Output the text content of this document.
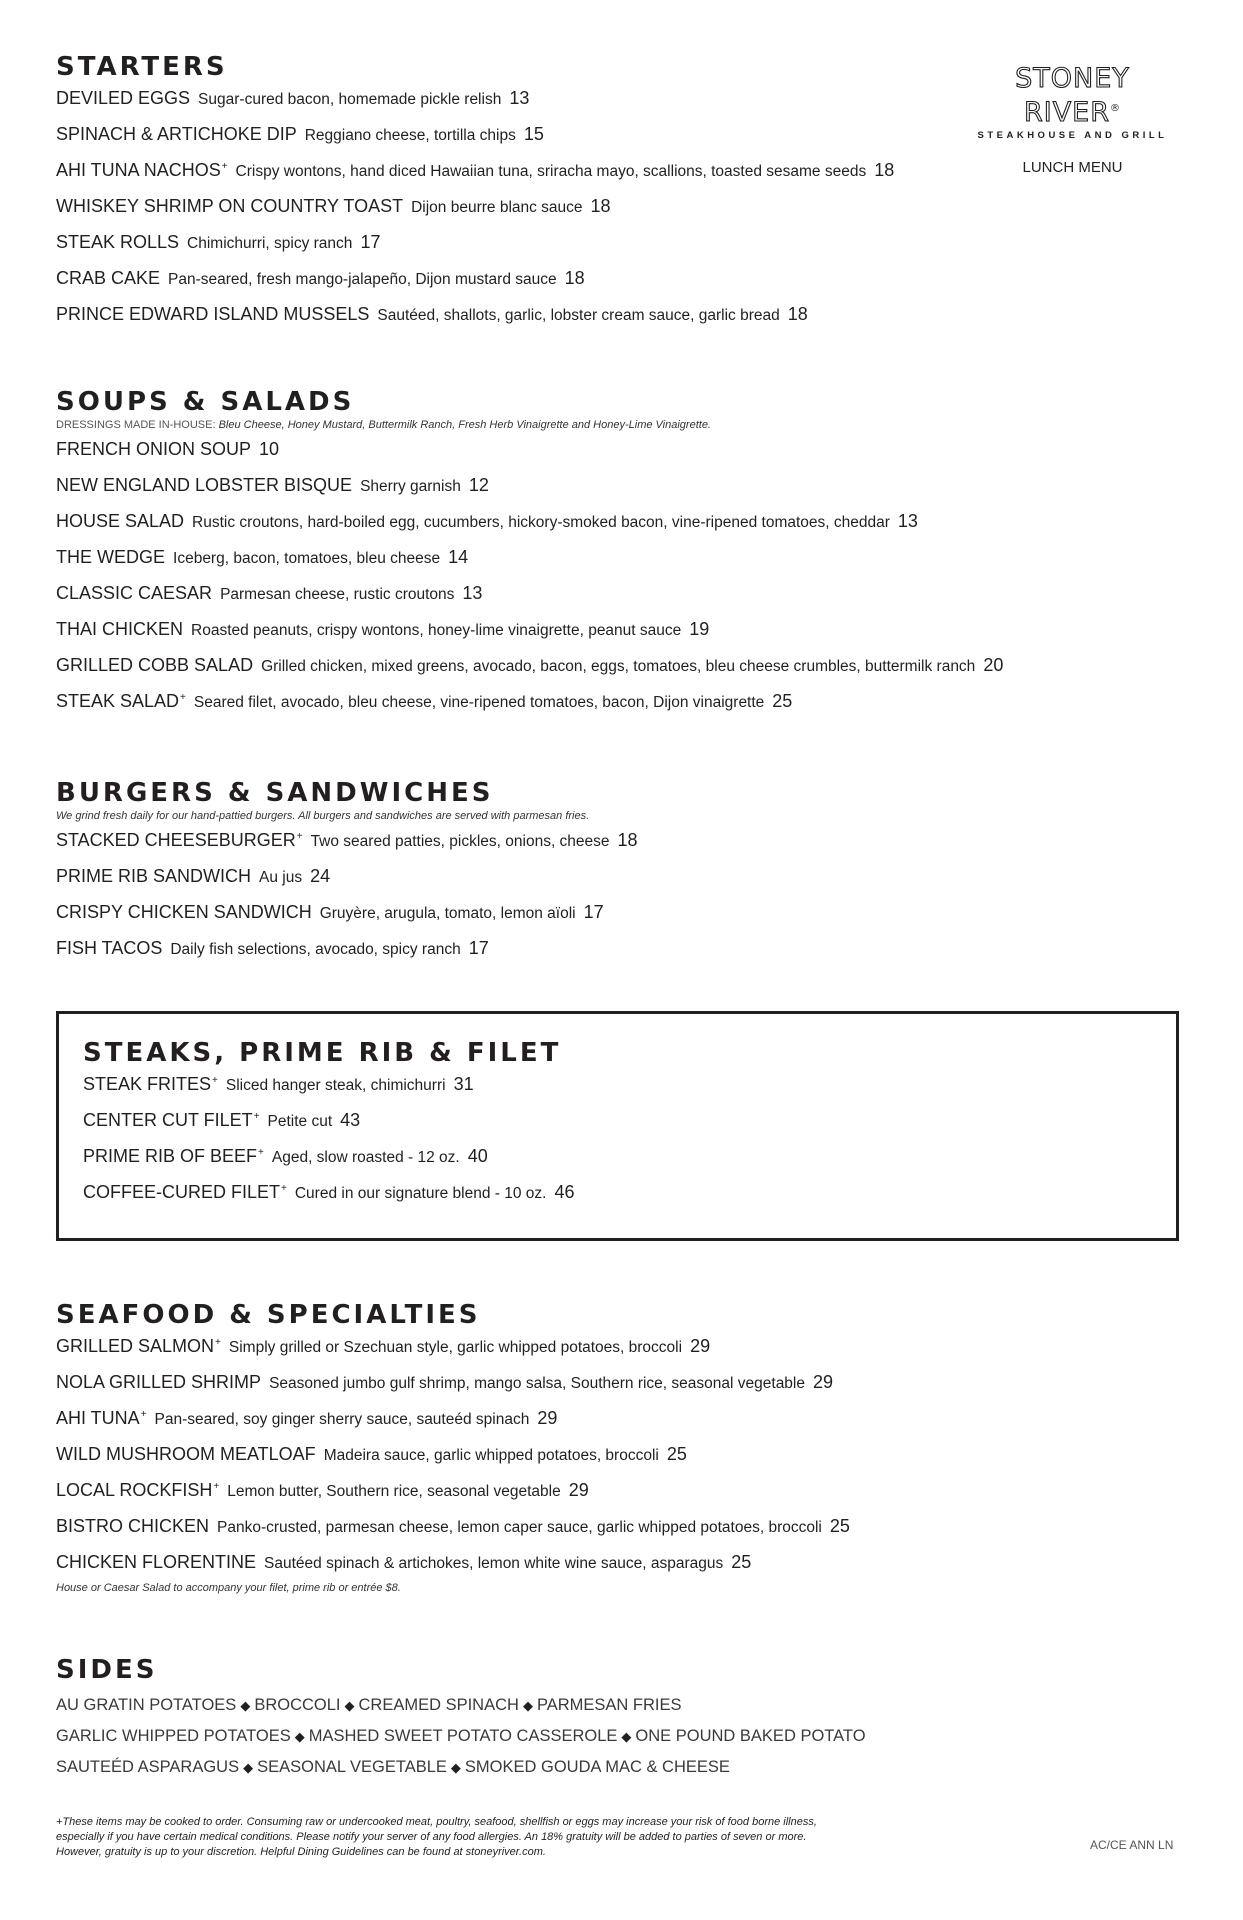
STONEY RIVER®
STEAKHOUSE AND GRILL
LUNCH MENU
STARTERS
DEVILED EGGS Sugar-cured bacon, homemade pickle relish 13
SPINACH & ARTICHOKE DIP Reggiano cheese, tortilla chips 15
AHI TUNA NACHOS+ Crispy wontons, hand diced Hawaiian tuna, sriracha mayo, scallions, toasted sesame seeds 18
WHISKEY SHRIMP ON COUNTRY TOAST Dijon beurre blanc sauce 18
STEAK ROLLS Chimichurri, spicy ranch 17
CRAB CAKE Pan-seared, fresh mango-jalapeño, Dijon mustard sauce 18
PRINCE EDWARD ISLAND MUSSELS Sautéed, shallots, garlic, lobster cream sauce, garlic bread 18
SOUPS & SALADS
DRESSINGS MADE IN-HOUSE: Bleu Cheese, Honey Mustard, Buttermilk Ranch, Fresh Herb Vinaigrette and Honey-Lime Vinaigrette.
FRENCH ONION SOUP 10
NEW ENGLAND LOBSTER BISQUE Sherry garnish 12
HOUSE SALAD Rustic croutons, hard-boiled egg, cucumbers, hickory-smoked bacon, vine-ripened tomatoes, cheddar 13
THE WEDGE Iceberg, bacon, tomatoes, bleu cheese 14
CLASSIC CAESAR Parmesan cheese, rustic croutons 13
THAI CHICKEN Roasted peanuts, crispy wontons, honey-lime vinaigrette, peanut sauce 19
GRILLED COBB SALAD Grilled chicken, mixed greens, avocado, bacon, eggs, tomatoes, bleu cheese crumbles, buttermilk ranch 20
STEAK SALAD+ Seared filet, avocado, bleu cheese, vine-ripened tomatoes, bacon, Dijon vinaigrette 25
BURGERS & SANDWICHES
We grind fresh daily for our hand-pattied burgers. All burgers and sandwiches are served with parmesan fries.
STACKED CHEESEBURGER+ Two seared patties, pickles, onions, cheese 18
PRIME RIB SANDWICH Au jus 24
CRISPY CHICKEN SANDWICH Gruyère, arugula, tomato, lemon aïoli 17
FISH TACOS Daily fish selections, avocado, spicy ranch 17
STEAKS, PRIME RIB & FILET
STEAK FRITES+ Sliced hanger steak, chimichurri 31
CENTER CUT FILET+ Petite cut 43
PRIME RIB OF BEEF+ Aged, slow roasted - 12 oz. 40
COFFEE-CURED FILET+ Cured in our signature blend - 10 oz. 46
SEAFOOD & SPECIALTIES
GRILLED SALMON+ Simply grilled or Szechuan style, garlic whipped potatoes, broccoli 29
NOLA GRILLED SHRIMP Seasoned jumbo gulf shrimp, mango salsa, Southern rice, seasonal vegetable 29
AHI TUNA+ Pan-seared, soy ginger sherry sauce, sauteéd spinach 29
WILD MUSHROOM MEATLOAF Madeira sauce, garlic whipped potatoes, broccoli 25
LOCAL ROCKFISH+ Lemon butter, Southern rice, seasonal vegetable 29
BISTRO CHICKEN Panko-crusted, parmesan cheese, lemon caper sauce, garlic whipped potatoes, broccoli 25
CHICKEN FLORENTINE Sautéed spinach & artichokes, lemon white wine sauce, asparagus 25
House or Caesar Salad to accompany your filet, prime rib or entrée $8.
SIDES
AU GRATIN POTATOES ◆ BROCCOLI ◆ CREAMED SPINACH ◆ PARMESAN FRIES
GARLIC WHIPPED POTATOES ◆ MASHED SWEET POTATO CASSEROLE ◆ ONE POUND BAKED POTATO
SAUTEÉD ASPARAGUS ◆ SEASONAL VEGETABLE ◆ SMOKED GOUDA MAC & CHEESE
+These items may be cooked to order. Consuming raw or undercooked meat, poultry, seafood, shellfish or eggs may increase your risk of food borne illness,
especially if you have certain medical conditions. Please notify your server of any food allergies. An 18% gratuity will be added to parties of seven or more.
However, gratuity is up to your discretion. Helpful Dining Guidelines can be found at stoneyriver.com.	AC/CE ANN LN
